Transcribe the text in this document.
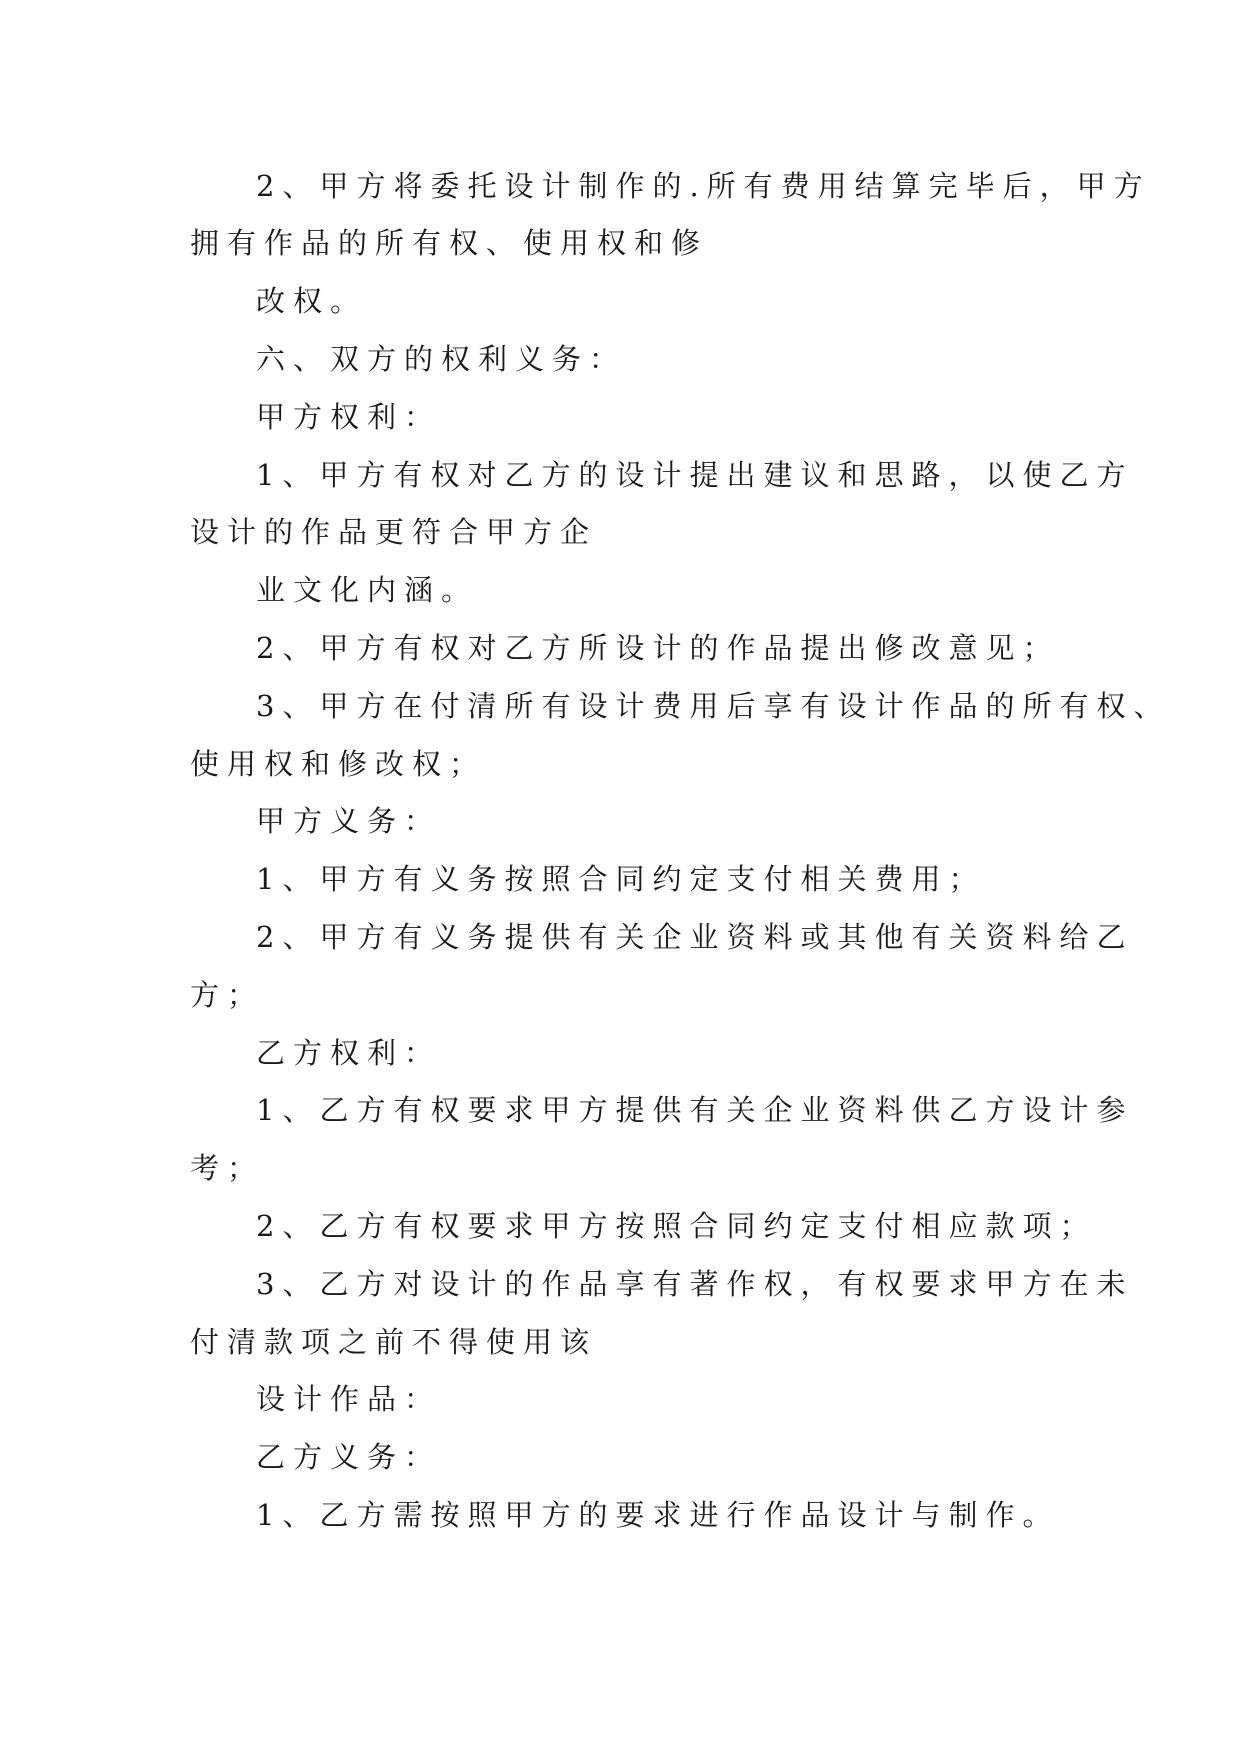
2、甲方将委托设计制作的.所有费用结算完毕后，甲方
拥有作品的所有权、使用权和修
改权。
六、双方的权利义务：
甲方权利：
1、甲方有权对乙方的设计提出建议和思路，以使乙方
设计的作品更符合甲方企
业文化内涵。
2、甲方有权对乙方所设计的作品提出修改意见；
3、甲方在付清所有设计费用后享有设计作品的所有权、
使用权和修改权；
甲方义务：
1、甲方有义务按照合同约定支付相关费用；
2、甲方有义务提供有关企业资料或其他有关资料给乙
方；
乙方权利：
1、乙方有权要求甲方提供有关企业资料供乙方设计参
考；
2、乙方有权要求甲方按照合同约定支付相应款项；
3、乙方对设计的作品享有著作权，有权要求甲方在未
付清款项之前不得使用该
设计作品：
乙方义务：
1、乙方需按照甲方的要求进行作品设计与制作。
